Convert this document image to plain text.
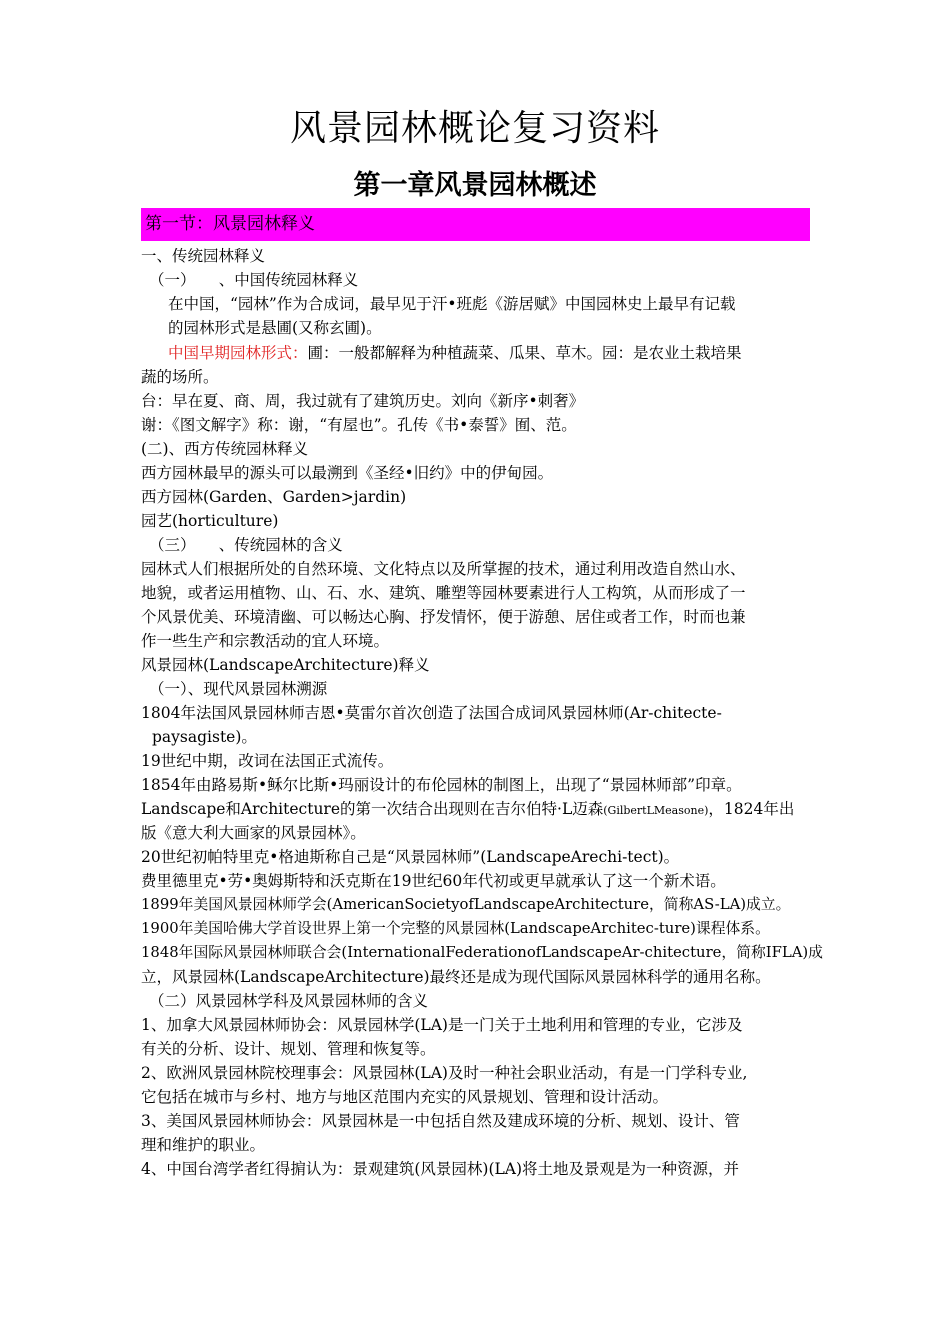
风景园林概论复习资料
第一章风景园林概述
第一节：风景园林释义
一、传统园林释义
（一）　　、中国传统园林释义
在中国，“园林”作为合成词，最早见于汗•班彪《游居赋》中国园林史上最早有记载
的园林形式是悬圃(又称玄圃)。
中国早期园林形式：圃：一般都解释为种植蔬菜、瓜果、草木。园：是农业土栽培果
蔬的场所。
台：早在夏、商、周，我过就有了建筑历史。刘向《新序•刺奢》
谢：《图文解字》称：谢，“有屋也”。孔传《书•泰誓》囿、范。
(二)、西方传统园林释义
西方园林最早的源头可以最溯到《圣经•旧约》中的伊甸园。
西方园林(Garden、Garden>jardin)
园艺(horticulture)
（三）　　、传统园林的含义
园林式人们根据所处的自然环境、文化特点以及所掌握的技术，通过利用改造自然山水、
地貌，或者运用植物、山、石、水、建筑、雕塑等园林要素进行人工构筑，从而形成了一
个风景优美、环境清幽、可以畅达心胸、抒发情怀，便于游憩、居住或者工作，时而也兼
作一些生产和宗教活动的宜人环境。
风景园林(LandscapeArchitecture)释义
（一）、现代风景园林溯源
1804年法国风景园林师吉恩•莫雷尔首次创造了法国合成词风景园林师(Ar-chitecte-
paysagiste)。
19世纪中期，改词在法国正式流传。
1854年由路易斯•稣尔比斯•玛丽设计的布伦园林的制图上，出现了“景园林师部”印章。
Landscape和Architecture的第一次结合出现则在吉尔伯特·L迈森(GilbertLMeasone)，1824年出
版《意大利大画家的风景园林》。
20世纪初帕特里克•格迪斯称自己是“风景园林师”(LandscapeArechi-tect)。
费里德里克•劳•奥姆斯特和沃克斯在19世纪60年代初或更早就承认了这一个新术语。
1899年美国风景园林师学会(AmericanSocietyofLandscapeArchitecture，简称AS-LA)成立。
1900年美国哈佛大学首设世界上第一个完整的风景园林(LandscapeArchitec-ture)课程体系。
1848年国际风景园林师联合会(InternationalFederationofLandscapeAr-chitecture，简称IFLA)成
立，风景园林(LandscapeArchitecture)最终还是成为现代国际风景园林科学的通用名称。
（二）风景园林学科及风景园林师的含义
1、加拿大风景园林师协会：风景园林学(LA)是一门关于土地利用和管理的专业，它涉及
有关的分析、设计、规划、管理和恢复等。
2、欧洲风景园林院校理事会：风景园林(LA)及时一种社会职业活动，有是一门学科专业,
它包括在城市与乡村、地方与地区范围内充实的风景规划、管理和设计活动。
3、美国风景园林师协会：风景园林是一中包括自然及建成环境的分析、规划、设计、管
理和维护的职业。
4、中国台湾学者红得掮认为：景观建筑(风景园林)(LA)将土地及景观是为一种资源，并
